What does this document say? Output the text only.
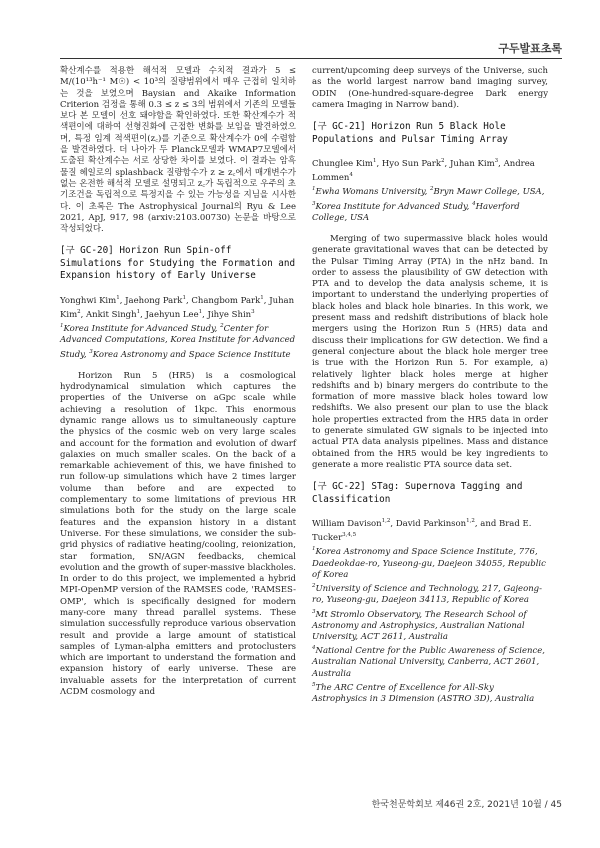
구두발표초록

확산계수를 적용한 해석적 모델과 수치적 결과가 5 ≤ M/(10¹³h⁻¹ M☉) < 10³의 질량범위에서 매우 근접히 일치하는 것을 보였으며 Baysian and Akaike Information Criterion 검정을 통해 0.3 ≤ z ≤ 3의 범위에서 기존의 모델들보다 본 모델이 선호 돼야함을 확인하였다. 또한 확산계수가 적색편이에 대하여 선형진화에 근접한 변화를 보임을 발견하였으며, 특정 임계 적색편이(z꜀)를 기준으로 확산계수가 0에 수렴함을 발견하였다. 더 나아가 두 Planck모델과 WMAP7모델에서 도출된 확산계수는 서로 상당한 차이를 보였다. 이 결과는 암흑물질 헤일로의 splashback 질량함수가 z ≥ z꜀에서 매개변수가 없는 온전한 해석적 모델로 설명되고 z꜀가 독립적으로 우주의 초기조건을 독립적으로 특정지을 수 있는 가능성을 지님을 시사한다. 이 초록은 The Astrophysical Journal의 Ryu & Lee 2021, ApJ, 917, 98 (arxiv:2103.00730) 논문을 바탕으로 작성되었다.

[구 GC-20] Horizon Run Spin-off Simulations for Studying the Formation and Expansion history of Early Universe

Yonghwi Kim$^1$, Jaehong Park$^1$, Changbom Park$^1$, Juhan Kim$^2$, Ankit Singh$^1$, Jaehyun Lee$^1$, Jihye Shin$^3$

$^1$Korea Institute for Advanced Study, $^2$Center for Advanced Computations, Korea Institute for Advanced Study, $^3$Korea Astronomy and Space Science Institute

Horizon Run 5 (HR5) is a cosmological hydrodynamical simulation which captures the properties of the Universe on aGpc scale while achieving a resolution of 1kpc. This enormous dynamic range allows us to simultaneously capture the physics of the cosmic web on very large scales and account for the formation and evolution of dwarf galaxies on much smaller scales. On the back of a remarkable achievement of this, we have finished to run follow-up simulations which have 2 times larger volume than before and are expected to complementary to some limitations of previous HR simulations both for the study on the large scale features and the expansion history in a distant Universe. For these simulations, we consider the sub-grid physics of radiative heating/cooling, reionization, star formation, SN/AGN feedbacks, chemical evolution and the growth of super-massive blackholes. In order to do this project, we implemented a hybrid MPI-OpenMP version of the RAMSES code, 'RAMSES-OMP', which is specifically designed for modern many-core many thread parallel systems. These simulation successfully reproduce various observation result and provide a large amount of statistical samples of Lyman-alpha emitters and protoclusters which are important to understand the formation and expansion history of early universe. These are invaluable assets for the interpretation of current ΛCDM cosmology and

current/upcoming deep surveys of the Universe, such as the world largest narrow band imaging survey, ODIN (One-hundred-square-degree Dark energy camera Imaging in Narrow band).

[구 GC-21] Horizon Run 5 Black Hole Populations and Pulsar Timing Array

Chunglee Kim$^1$, Hyo Sun Park$^2$, Juhan Kim$^3$, Andrea Lommen$^4$

$^1$Ewha Womans University, $^2$Bryn Mawr College, USA, $^3$Korea Institute for Advanced Study, $^4$Haverford College, USA

Merging of two supermassive black holes would generate gravitational waves that can be detected by the Pulsar Timing Array (PTA) in the nHz band. In order to assess the plausibility of GW detection with PTA and to develop the data analysis scheme, it is important to understand the underlying properties of black holes and black hole binaries. In this work, we present mass and redshift distributions of black hole mergers using the Horizon Run 5 (HR5) data and discuss their implications for GW detection. We find a general conjecture about the black hole merger tree is true with the Horizon Run 5. For example, a) relatively lighter black holes merge at higher redshifts and b) binary mergers do contribute to the formation of more massive black holes toward low redshifts. We also present our plan to use the black hole properties extracted from the HR5 data in order to generate simulated GW signals to be injected into actual PTA data analysis pipelines. Mass and distance obtained from the HR5 would be key ingredients to generate a more realistic PTA source data set.

[구 GC-22] STag: Supernova Tagging and Classification

William Davison$^{1,2}$, David Parkinson$^{1,2}$, and Brad E. Tucker$^{3,4,5}$

$^1$Korea Astronomy and Space Science Institute, 776, Daedeokdae-ro, Yuseong-gu, Daejeon 34055, Republic of Korea
$^2$University of Science and Technology, 217, Gajeong-ro, Yuseong-gu, Daejeon 34113, Republic of Korea
$^3$Mt Stromlo Observatory, The Research School of Astronomy and Astrophysics, Australian National University, ACT 2611, Australia
$^4$National Centre for the Public Awareness of Science, Australian National University, Canberra, ACT 2601, Australia
$^5$The ARC Centre of Excellence for All-Sky Astrophysics in 3 Dimension (ASTRO 3D), Australia

한국천문학회보 제46권 2호, 2021년 10월 / 45
